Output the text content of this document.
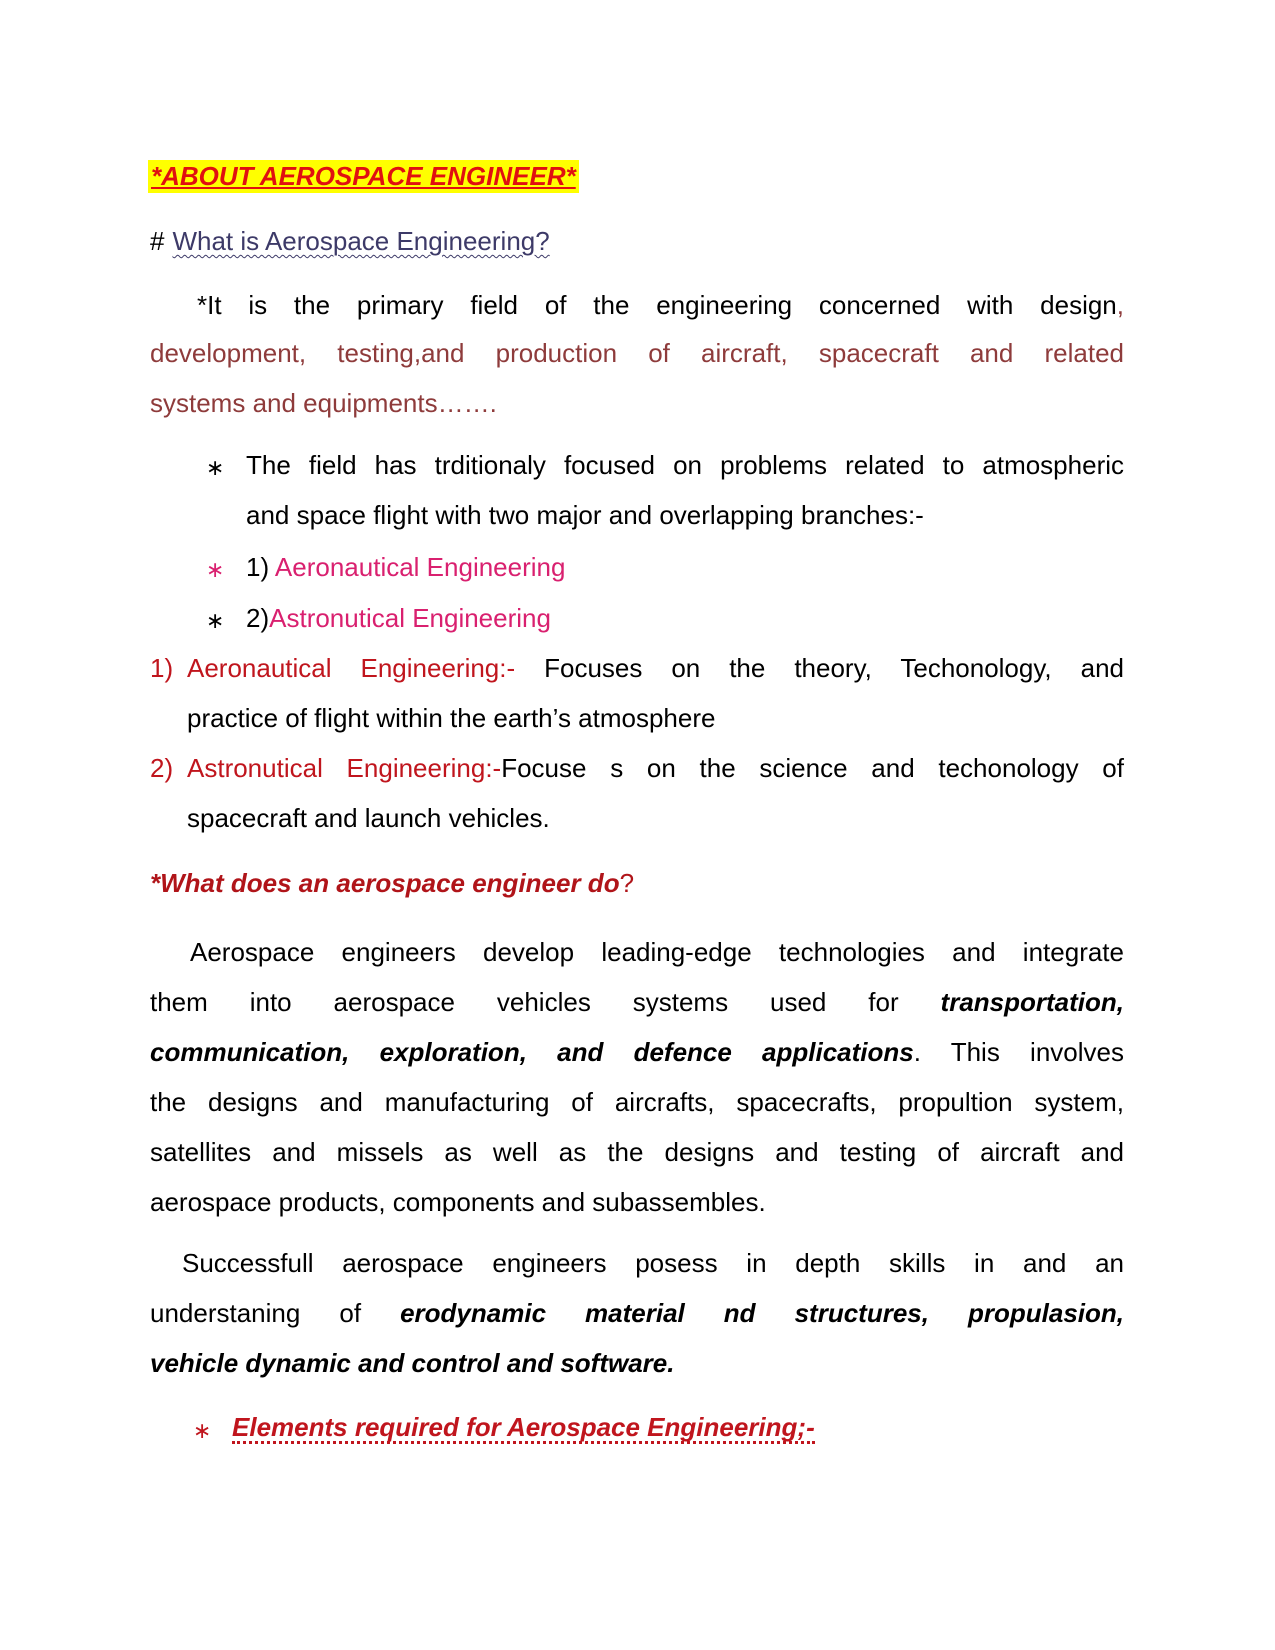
*ABOUT AEROSPACE ENGINEER*
# What is Aerospace Engineering?
*It is the primary field of the engineering concerned with design,
development, testing,and production of aircraft, spacecraft and related
systems and equipments…….
∗ The field has trditionaly focused on problems related to atmospheric
and space flight with two major and overlapping branches:-
∗ 1) Aeronautical Engineering
∗ 2)Astronutical Engineering
1) Aeronautical Engineering:- Focuses on the theory, Techonology, and
practice of flight within the earth’s atmosphere
2) Astronutical Engineering:-Focuse s on the science and techonology of
spacecraft and launch vehicles.
*What does an aerospace engineer do?
Aerospace engineers develop leading-edge technologies and integrate
them into aerospace vehicles systems used for transportation,
communication, exploration, and defence applications. This involves
the designs and manufacturing of aircrafts, spacecrafts, propultion system,
satellites and missels as well as the designs and testing of aircraft and
aerospace products, components and subassembles.
Successfull aerospace engineers posess in depth skills in and an
understaning of erodynamic material nd structures, propulasion,
vehicle dynamic and control and software.
∗ Elements required for Aerospace Engineering;-
